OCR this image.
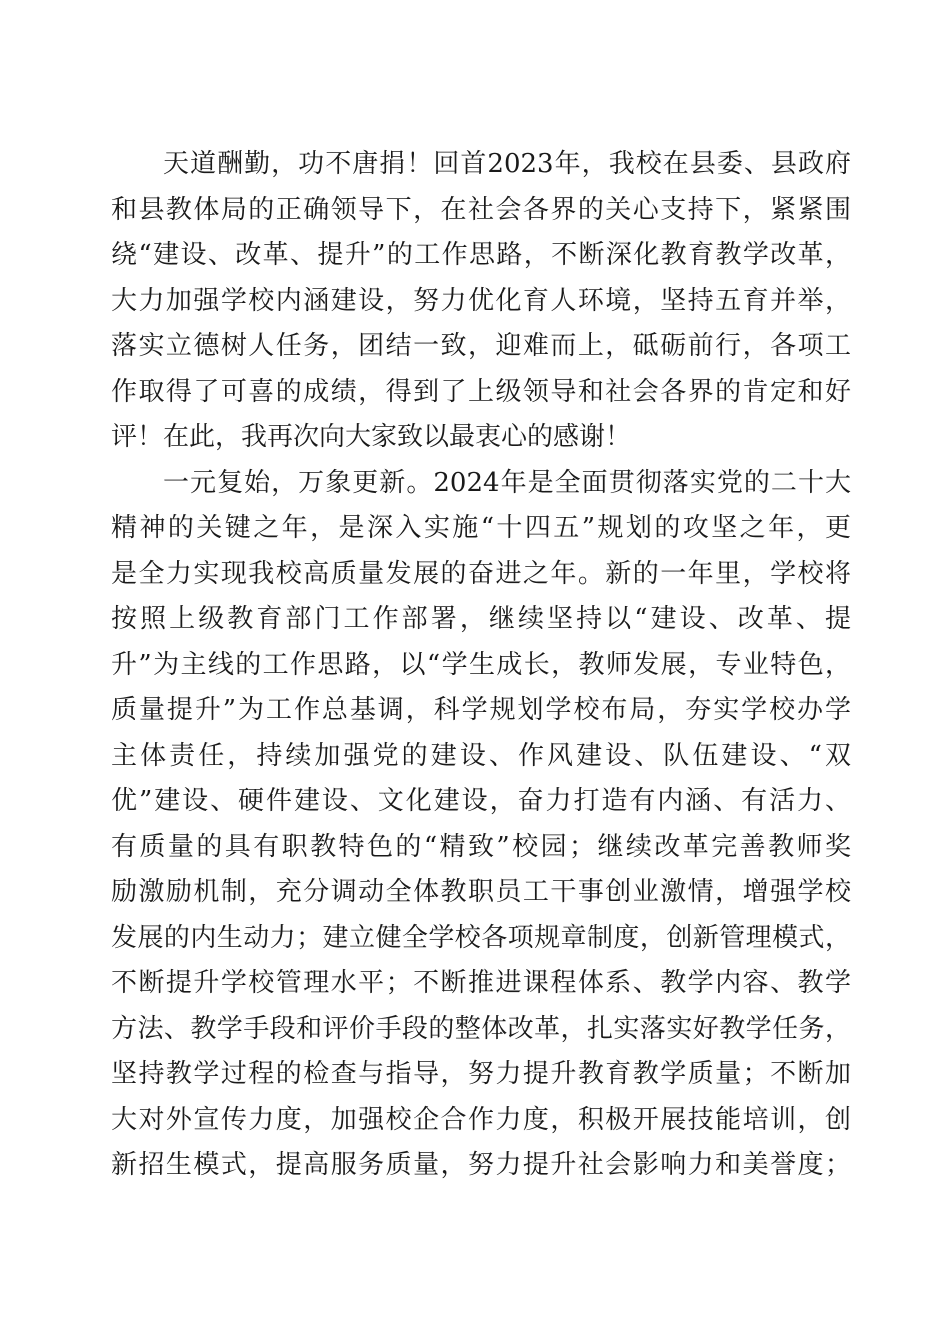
天道酬勤，功不唐捐！回首2023年，我校在县委、县政府
和县教体局的正确领导下，在社会各界的关心支持下，紧紧围
绕“建设、改革、提升”的工作思路，不断深化教育教学改革，
大力加强学校内涵建设，努力优化育人环境，坚持五育并举，
落实立德树人任务，团结一致，迎难而上，砥砺前行，各项工
作取得了可喜的成绩，得到了上级领导和社会各界的肯定和好
评！在此，我再次向大家致以最衷心的感谢！
一元复始，万象更新。2024年是全面贯彻落实党的二十大
精神的关键之年，是深入实施“十四五”规划的攻坚之年，更
是全力实现我校高质量发展的奋进之年。新的一年里，学校将
按照上级教育部门工作部署，继续坚持以“建设、改革、提
升”为主线的工作思路，以“学生成长，教师发展，专业特色，
质量提升”为工作总基调，科学规划学校布局，夯实学校办学
主体责任，持续加强党的建设、作风建设、队伍建设、“双
优”建设、硬件建设、文化建设，奋力打造有内涵、有活力、
有质量的具有职教特色的“精致”校园；继续改革完善教师奖
励激励机制，充分调动全体教职员工干事创业激情，增强学校
发展的内生动力；建立健全学校各项规章制度，创新管理模式，
不断提升学校管理水平；不断推进课程体系、教学内容、教学
方法、教学手段和评价手段的整体改革，扎实落实好教学任务，
坚持教学过程的检查与指导，努力提升教育教学质量；不断加
大对外宣传力度，加强校企合作力度，积极开展技能培训，创
新招生模式，提高服务质量，努力提升社会影响力和美誉度；
